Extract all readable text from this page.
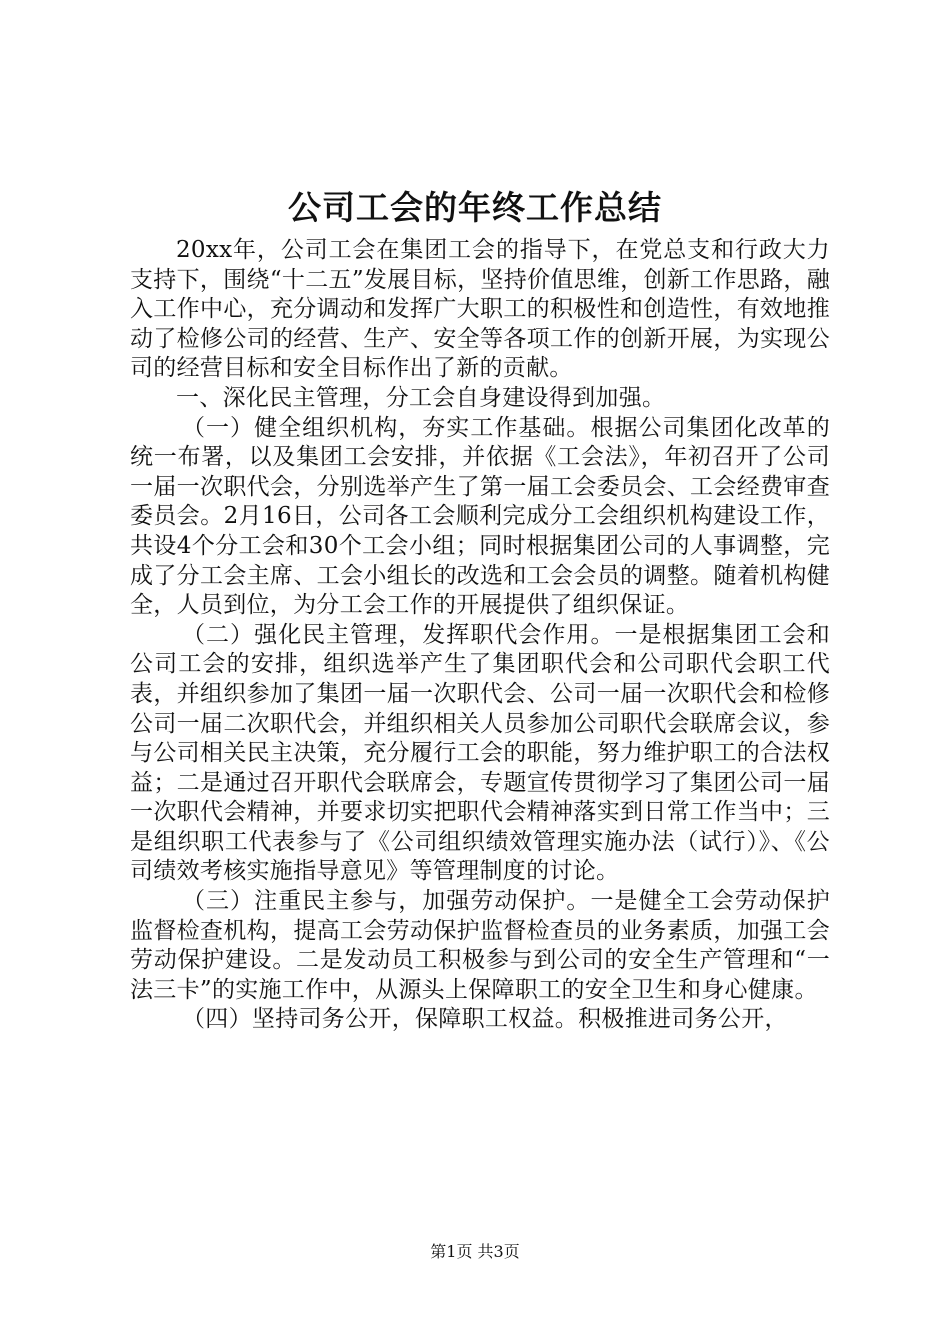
公司工会的年终工作总结

20xx年，公司工会在集团工会的指导下，在党总支和行政大力支持下，围绕“十二五”发展目标，坚持价值思维，创新工作思路，融入工作中心，充分调动和发挥广大职工的积极性和创造性，有效地推动了检修公司的经营、生产、安全等各项工作的创新开展，为实现公司的经营目标和安全目标作出了新的贡献。

一、深化民主管理，分工会自身建设得到加强。

（一）健全组织机构，夯实工作基础。根据公司集团化改革的统一布署，以及集团工会安排，并依据《工会法》，年初召开了公司一届一次职代会，分别选举产生了第一届工会委员会、工会经费审查委员会。2月16日，公司各工会顺利完成分工会组织机构建设工作，共设4个分工会和30个工会小组；同时根据集团公司的人事调整，完成了分工会主席、工会小组长的改选和工会会员的调整。随着机构健全，人员到位，为分工会工作的开展提供了组织保证。

（二）强化民主管理，发挥职代会作用。一是根据集团工会和公司工会的安排，组织选举产生了集团职代会和公司职代会职工代表，并组织参加了集团一届一次职代会、公司一届一次职代会和检修公司一届二次职代会，并组织相关人员参加公司职代会联席会议，参与公司相关民主决策，充分履行工会的职能，努力维护职工的合法权益；二是通过召开职代会联席会，专题宣传贯彻学习了集团公司一届一次职代会精神，并要求切实把职代会精神落实到日常工作当中；三是组织职工代表参与了《公司组织绩效管理实施办法（试行）》、《公司绩效考核实施指导意见》等管理制度的讨论。

（三）注重民主参与，加强劳动保护。一是健全工会劳动保护监督检查机构，提高工会劳动保护监督检查员的业务素质，加强工会劳动保护建设。二是发动员工积极参与到公司的安全生产管理和“一法三卡”的实施工作中，从源头上保障职工的安全卫生和身心健康。

（四）坚持司务公开，保障职工权益。积极推进司务公开，

第1页 共3页
